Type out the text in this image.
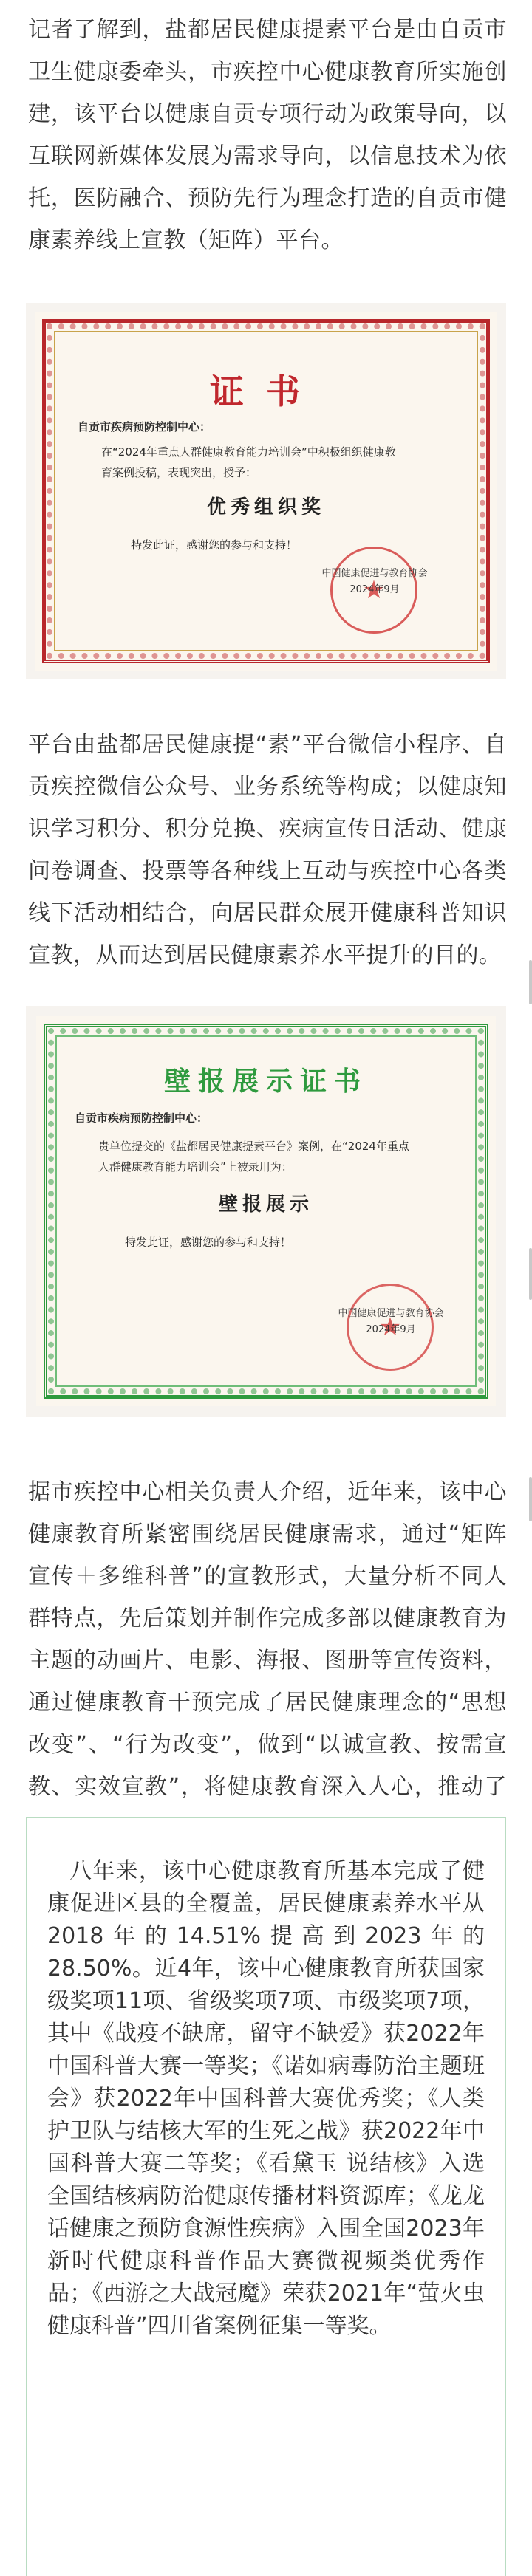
记者了解到，盐都居民健康提素平台是由自贡市卫生健康委牵头，市疾控中心健康教育所实施创建，该平台以健康自贡专项行动为政策导向，以互联网新媒体发展为需求导向，以信息技术为依托，医防融合、预防先行为理念打造的自贡市健康素养线上宣教（矩阵）平台。

证书
自贡市疾病预防控制中心：
在“2024年重点人群健康教育能力培训会”中积极组织健康教
育案例投稿，表现突出，授予：
优秀组织奖
特发此证，感谢您的参与和支持！
★
中国健康促进与教育协会
2024年9月

平台由盐都居民健康提“素”平台微信小程序、自贡疾控微信公众号、业务系统等构成；以健康知识学习积分、积分兑换、疾病宣传日活动、健康问卷调查、投票等各种线上互动与疾控中心各类线下活动相结合，向居民群众展开健康科普知识宣教，从而达到居民健康素养水平提升的目的。

壁报展示证书
自贡市疾病预防控制中心：
贵单位提交的《盐都居民健康提素平台》案例，在“2024年重点
人群健康教育能力培训会”上被录用为：
壁报展示
特发此证，感谢您的参与和支持！
★
中国健康促进与教育协会
2024年9月

据市疾控中心相关负责人介绍，近年来，该中心健康教育所紧密围绕居民健康需求，通过“矩阵宣传＋多维科普”的宣教形式，大量分析不同人群特点，先后策划并制作完成多部以健康教育为主题的动画片、电影、海报、图册等宣传资料，通过健康教育干预完成了居民健康理念的“思想改变”、“行为改变”，做到“以诚宣教、按需宣教、实效宣教”，将健康教育深入人心，推动了

八年来，该中心健康教育所基本完成了健康促进区县的全覆盖，居民健康素养水平从2018年的14.51%提高到2023年的28.50%。近4年，该中心健康教育所获国家级奖项11项、省级奖项7项、市级奖项7项，其中《战疫不缺席，留守不缺爱》获2022年中国科普大赛一等奖；《诺如病毒防治主题班会》获2022年中国科普大赛优秀奖；《人类护卫队与结核大军的生死之战》获2022年中国科普大赛二等奖；《看黛玉 说结核》入选全国结核病防治健康传播材料资源库；《龙龙话健康之预防食源性疾病》入围全国2023年新时代健康科普作品大赛微视频类优秀作品；《西游之大战冠魔》荣获2021年“萤火虫健康科普”四川省案例征集一等奖。
